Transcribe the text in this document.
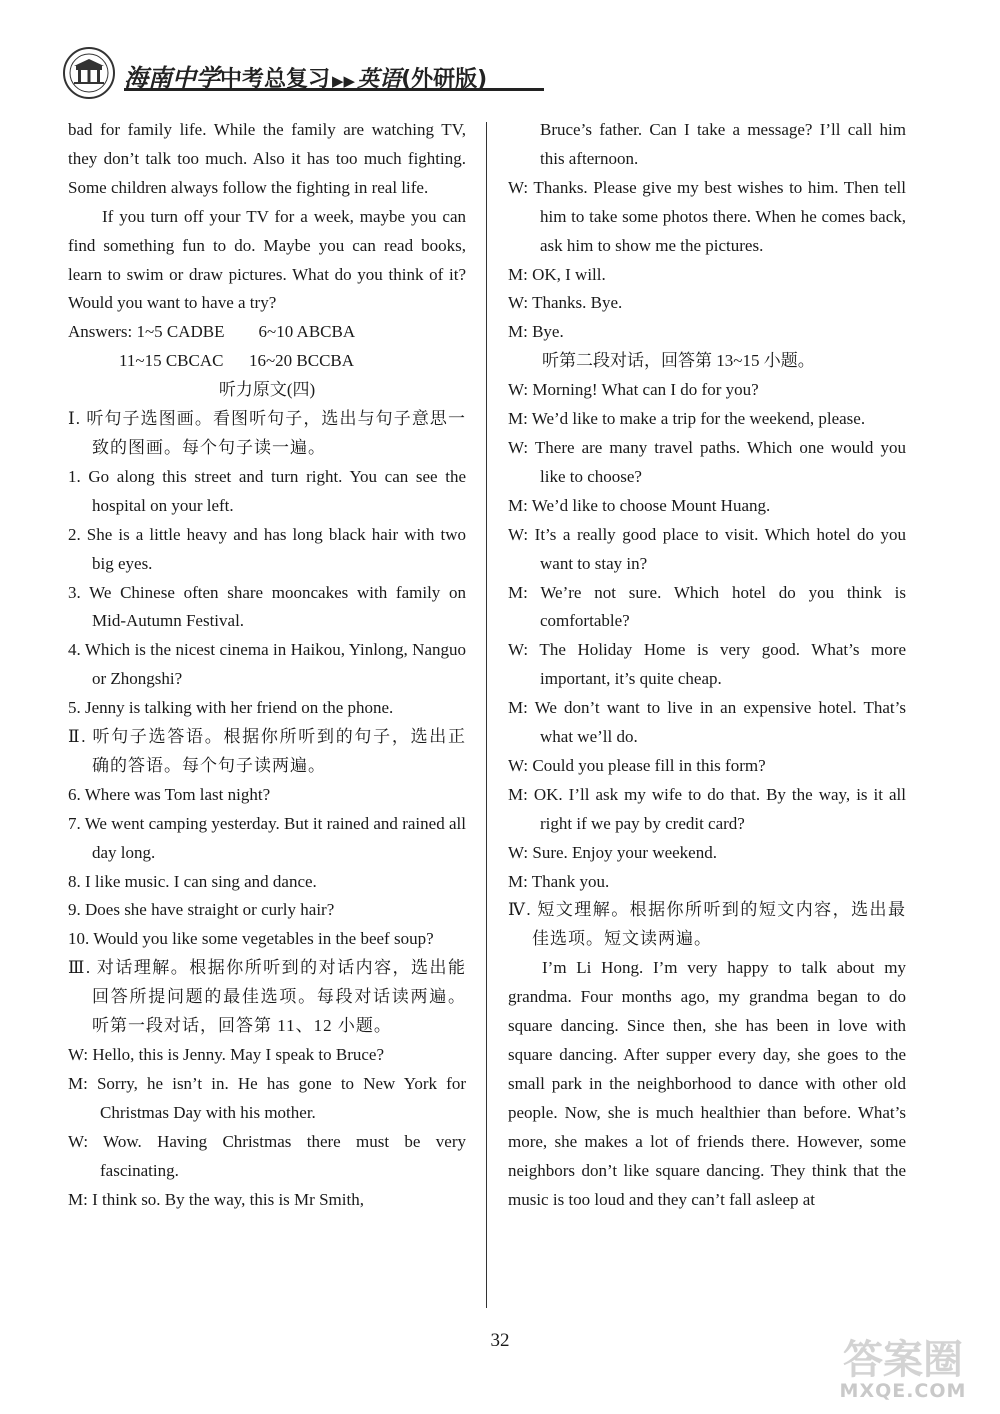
海南中学中考总复习 ▶▶英语(外研版)

bad for family life. While the family are watching TV, they don’t talk too much. Also it has too much fighting. Some children always follow the fighting in real life.

If you turn off your TV for a week, maybe you can find something fun to do. Maybe you can read books, learn to swim or draw pictures. What do you think of it? Would you want to have a try?

Answers: 1~5 CADBE        6~10 ABCBA

11~15 CBCAC      16~20 BCCBA

听力原文(四)

Ⅰ. 听句子选图画。看图听句子，选出与句子意思一致的图画。每个句子读一遍。

1. Go along this street and turn right. You can see the hospital on your left.

2. She is a little heavy and has long black hair with two big eyes.

3. We Chinese often share mooncakes with family on Mid-Autumn Festival.

4. Which is the nicest cinema in Haikou, Yinlong, Nanguo or Zhongshi?

5. Jenny is talking with her friend on the phone.

Ⅱ. 听句子选答语。根据你所听到的句子，选出正确的答语。每个句子读两遍。

6. Where was Tom last night?

7. We went camping yesterday. But it rained and rained all day long.

8. I like music. I can sing and dance.

9. Does she have straight or curly hair?

10. Would you like some vegetables in the beef soup?

Ⅲ. 对话理解。根据你所听到的对话内容，选出能回答所提问题的最佳选项。每段对话读两遍。听第一段对话，回答第 11、12 小题。

W: Hello, this is Jenny. May I speak to Bruce?

M: Sorry, he isn’t in. He has gone to New York for Christmas Day with his mother.

W: Wow. Having Christmas there must be very fascinating.

M: I think so. By the way, this is Mr Smith,

Bruce’s father. Can I take a message? I’ll call him this afternoon.

W: Thanks. Please give my best wishes to him. Then tell him to take some photos there. When he comes back, ask him to show me the pictures.

M: OK, I will.

W: Thanks. Bye.

M: Bye.

听第二段对话，回答第 13~15 小题。

W: Morning! What can I do for you?

M: We’d like to make a trip for the weekend, please.

W: There are many travel paths. Which one would you like to choose?

M: We’d like to choose Mount Huang.

W: It’s a really good place to visit. Which hotel do you want to stay in?

M: We’re not sure. Which hotel do you think is comfortable?

W: The Holiday Home is very good. What’s more important, it’s quite cheap.

M: We don’t want to live in an expensive hotel. That’s what we’ll do.

W: Could you please fill in this form?

M: OK. I’ll ask my wife to do that. By the way, is it all right if we pay by credit card?

W: Sure. Enjoy your weekend.

M: Thank you.

Ⅳ. 短文理解。根据你所听到的短文内容，选出最佳选项。短文读两遍。

I’m Li Hong. I’m very happy to talk about my grandma. Four months ago, my grandma began to do square dancing. Since then, she has been in love with square dancing. After supper every day, she goes to the small park in the neighborhood to dance with other old people. Now, she is much healthier than before. What’s more, she makes a lot of friends there. However, some neighbors don’t like square dancing. They think that the music is too loud and they can’t fall asleep at

32	答案圈
MXQE.COM
